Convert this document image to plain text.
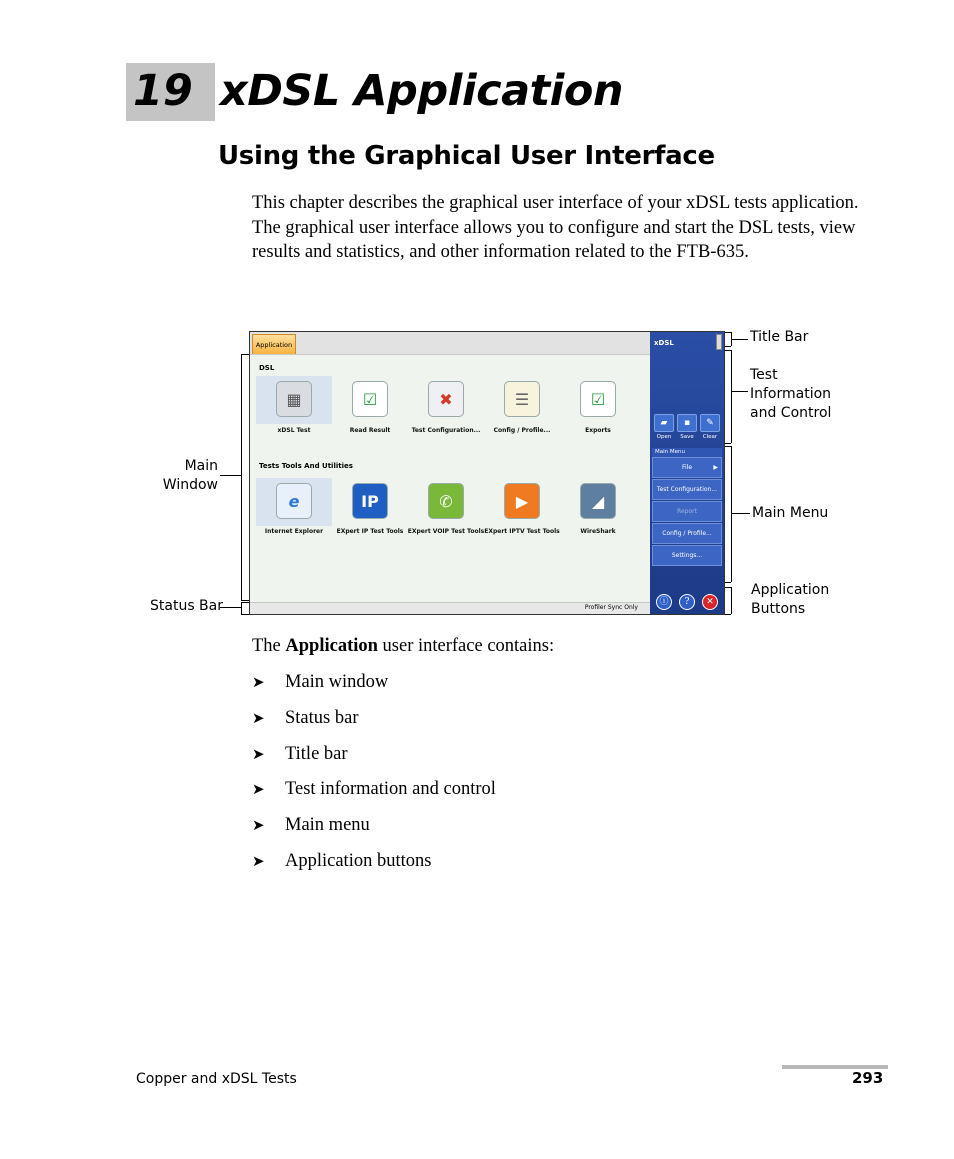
19 xDSL Application
Using the Graphical User Interface
This chapter describes the graphical user interface of your xDSL tests application. The graphical user interface allows you to configure and start the DSL tests, view results and statistics, and other information related to the FTB-635.
Application
DSL
▦
xDSL Test
☑
Read Result
✖
Test Configuration...
☰
Config / Profile...
☑
Exports
Tests Tools And Utilities
e
Internet Explorer
IP
EXpert IP Test Tools
✆
EXpert VOIP Test Tools
▶
EXpert IPTV Test Tools
◢
WireShark
Profiler Sync Only
xDSL
▰
Open
▪
Save
✎
Clear
Main Menu
File	▶
Test Configuration...
Report
Config / Profile...
Settings...
ⓘ	?	✕
Title Bar
Test Information and Control
Main Menu
Application Buttons
Main Window
Status Bar
The Application user interface contains:
➤ Main window
➤ Status bar
➤ Title bar
➤ Test information and control
➤ Main menu
➤ Application buttons
Copper and xDSL Tests	293
